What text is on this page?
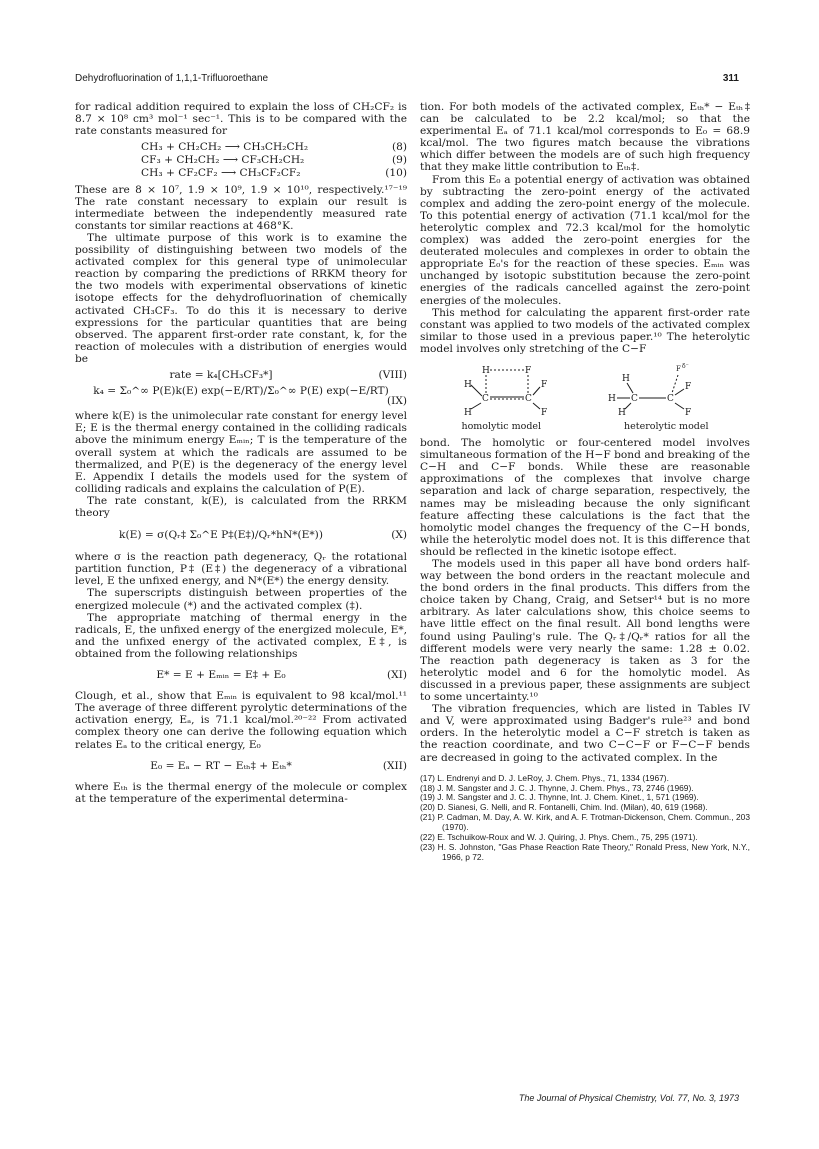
Dehydrofluorination of 1,1,1-Trifluoroethane	311

for radical addition required to explain the loss of CH₂CF₂ is 8.7 × 10⁸ cm³ mol⁻¹ sec⁻¹. This is to be compared with the rate constants measured for

CH₃ + CH₂CH₂ ⟶ CH₃CH₂CH₂	(8)
CF₃ + CH₂CH₂ ⟶ CF₃CH₂CH₂	(9)
CH₃ + CF₂CF₂ ⟶ CH₃CF₂CF₂	(10)

These are 8 × 10⁷, 1.9 × 10⁹, 1.9 × 10¹⁰, respectively.¹⁷⁻¹⁹ The rate constant necessary to explain our result is intermediate between the independently measured rate constants tor similar reactions at 468°K.

The ultimate purpose of this work is to examine the possibility of distinguishing between two models of the activated complex for this general type of unimolecular reaction by comparing the predictions of RRKM theory for the two models with experimental observations of kinetic isotope effects for the dehydrofluorination of chemically activated CH₃CF₃. To do this it is necessary to derive expressions for the particular quantities that are being observed. The apparent first-order rate constant, k, for the reaction of molecules with a distribution of energies would be

rate = k₄[CH₃CF₃*]	(VIII)
k₄ = Σ₀^∞ P(E)k(E) exp(−E/RT)/Σ₀^∞ P(E) exp(−E/RT)
(IX)

where k(E) is the unimolecular rate constant for energy level E; E is the thermal energy contained in the colliding radicals above the minimum energy Eₘᵢₙ; T is the temperature of the overall system at which the radicals are assumed to be thermalized, and P(E) is the degeneracy of the energy level E. Appendix I details the models used for the system of colliding radicals and explains the calculation of P(E).

The rate constant, k(E), is calculated from the RRKM theory

k(E) = σ(Qᵣ‡ Σ₀^E P‡(E‡)/Qᵣ*hN*(E*))	(X)

where σ is the reaction path degeneracy, Qᵣ the rotational partition function, P‡ (E‡) the degeneracy of a vibrational level, E the unfixed energy, and N*(E*) the energy density.

The superscripts distinguish between properties of the energized molecule (*) and the activated complex (‡).

The appropriate matching of thermal energy in the radicals, E, the unfixed energy of the energized molecule, E*, and the unfixed energy of the activated complex, E‡, is obtained from the following relationships

E* = E + Eₘᵢₙ = E‡ + E₀	(XI)

Clough, et al., show that Eₘᵢₙ is equivalent to 98 kcal/mol.¹¹ The average of three different pyrolytic determinations of the activation energy, Eₐ, is 71.1 kcal/mol.²⁰⁻²² From activated complex theory one can derive the following equation which relates Eₐ to the critical energy, E₀

E₀ = Eₐ − RT − Eₜₕ‡ + Eₜₕ*	(XII)

where Eₜₕ is the thermal energy of the molecule or complex at the temperature of the experimental determina-

tion. For both models of the activated complex, Eₜₕ* − Eₜₕ‡ can be calculated to be 2.2 kcal/mol; so that the experimental Eₐ of 71.1 kcal/mol corresponds to E₀ = 68.9 kcal/mol. The two figures match because the vibrations which differ between the models are of such high frequency that they make little contribution to Eₜₕ‡.

From this E₀ a potential energy of activation was obtained by subtracting the zero-point energy of the activated complex and adding the zero-point energy of the molecule. To this potential energy of activation (71.1 kcal/mol for the heterolytic complex and 72.3 kcal/mol for the homolytic complex) was added the zero-point energies for the deuterated molecules and complexes in order to obtain the appropriate E₀'s for the reaction of these species. Eₘᵢₙ was unchanged by isotopic substitution because the zero-point energies of the radicals cancelled against the zero-point energies of the molecules.

This method for calculating the apparent first-order rate constant was applied to two models of the activated complex similar to those used in a previous paper.¹⁰ The heterolytic model involves only stretching of the C−F

H	F
H
C	C
F
H	F
H
F δ⁻
H C	C
F
H	F
homolytic model	heterolytic model

bond. The homolytic or four-centered model involves simultaneous formation of the H−F bond and breaking of the C−H and C−F bonds. While these are reasonable approximations of the complexes that involve charge separation and lack of charge separation, respectively, the names may be misleading because the only significant feature affecting these calculations is the fact that the homolytic model changes the frequency of the C−H bonds, while the heterolytic model does not. It is this difference that should be reflected in the kinetic isotope effect.

The models used in this paper all have bond orders half-way between the bond orders in the reactant molecule and the bond orders in the final products. This differs from the choice taken by Chang, Craig, and Setser¹⁴ but is no more arbitrary. As later calculations show, this choice seems to have little effect on the final result. All bond lengths were found using Pauling's rule. The Qᵣ‡/Qᵣ* ratios for all the different models were very nearly the same: 1.28 ± 0.02. The reaction path degeneracy is taken as 3 for the heterolytic model and 6 for the homolytic model. As discussed in a previous paper, these assignments are subject to some uncertainty.¹⁰

The vibration frequencies, which are listed in Tables IV and V, were approximated using Badger's rule²³ and bond orders. In the heterolytic model a C−F stretch is taken as the reaction coordinate, and two C−C−F or F−C−F bends are decreased in going to the activated complex. In the

(17) L. Endrenyi and D. J. LeRoy, J. Chem. Phys., 71, 1334 (1967).
(18) J. M. Sangster and J. C. J. Thynne, J. Chem. Phys., 73, 2746 (1969).
(19) J. M. Sangster and J. C. J. Thynne, Int. J. Chem. Kinet., 1, 571 (1969).
(20) D. Sianesi, G. Nelli, and R. Fontanelli, Chim. Ind. (Milan), 40, 619 (1968).
(21) P. Cadman, M. Day, A. W. Kirk, and A. F. Trotman-Dickenson, Chem. Commun., 203 (1970).
(22) E. Tschuikow-Roux and W. J. Quiring, J. Phys. Chem., 75, 295 (1971).
(23) H. S. Johnston, "Gas Phase Reaction Rate Theory," Ronald Press, New York, N.Y., 1966, p 72.
The Journal of Physical Chemistry, Vol. 77, No. 3, 1973
